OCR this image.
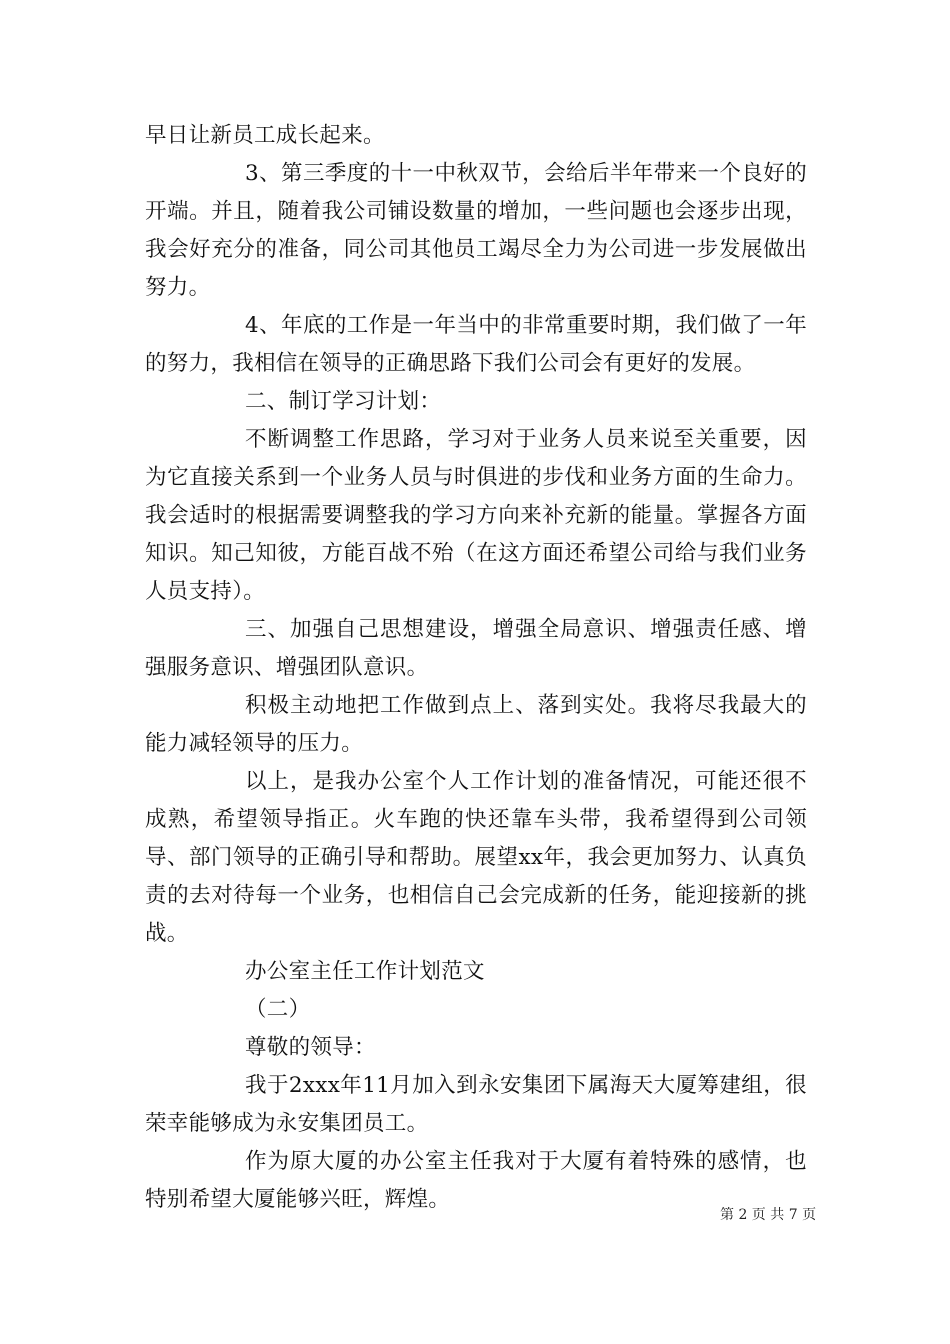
早日让新员工成长起来。

3、第三季度的十一中秋双节，会给后半年带来一个良好的开端。并且，随着我公司铺设数量的增加，一些问题也会逐步出现，我会好充分的准备，同公司其他员工竭尽全力为公司进一步发展做出努力。

4、年底的工作是一年当中的非常重要时期，我们做了一年的努力，我相信在领导的正确思路下我们公司会有更好的发展。

二、制订学习计划：

不断调整工作思路，学习对于业务人员来说至关重要，因为它直接关系到一个业务人员与时俱进的步伐和业务方面的生命力。我会适时的根据需要调整我的学习方向来补充新的能量。掌握各方面知识。知己知彼，方能百战不殆（在这方面还希望公司给与我们业务人员支持）。

三、加强自己思想建设，增强全局意识、增强责任感、增强服务意识、增强团队意识。

积极主动地把工作做到点上、落到实处。我将尽我最大的能力减轻领导的压力。

以上，是我办公室个人工作计划的准备情况，可能还很不成熟，希望领导指正。火车跑的快还靠车头带，我希望得到公司领导、部门领导的正确引导和帮助。展望xx年，我会更加努力、认真负责的去对待每一个业务，也相信自己会完成新的任务，能迎接新的挑战。

办公室主任工作计划范文

（二）

尊敬的领导：

我于2xxx年11月加入到永安集团下属海天大厦筹建组，很荣幸能够成为永安集团员工。

作为原大厦的办公室主任我对于大厦有着特殊的感情，也特别希望大厦能够兴旺，辉煌。

第 2 页 共 7 页
